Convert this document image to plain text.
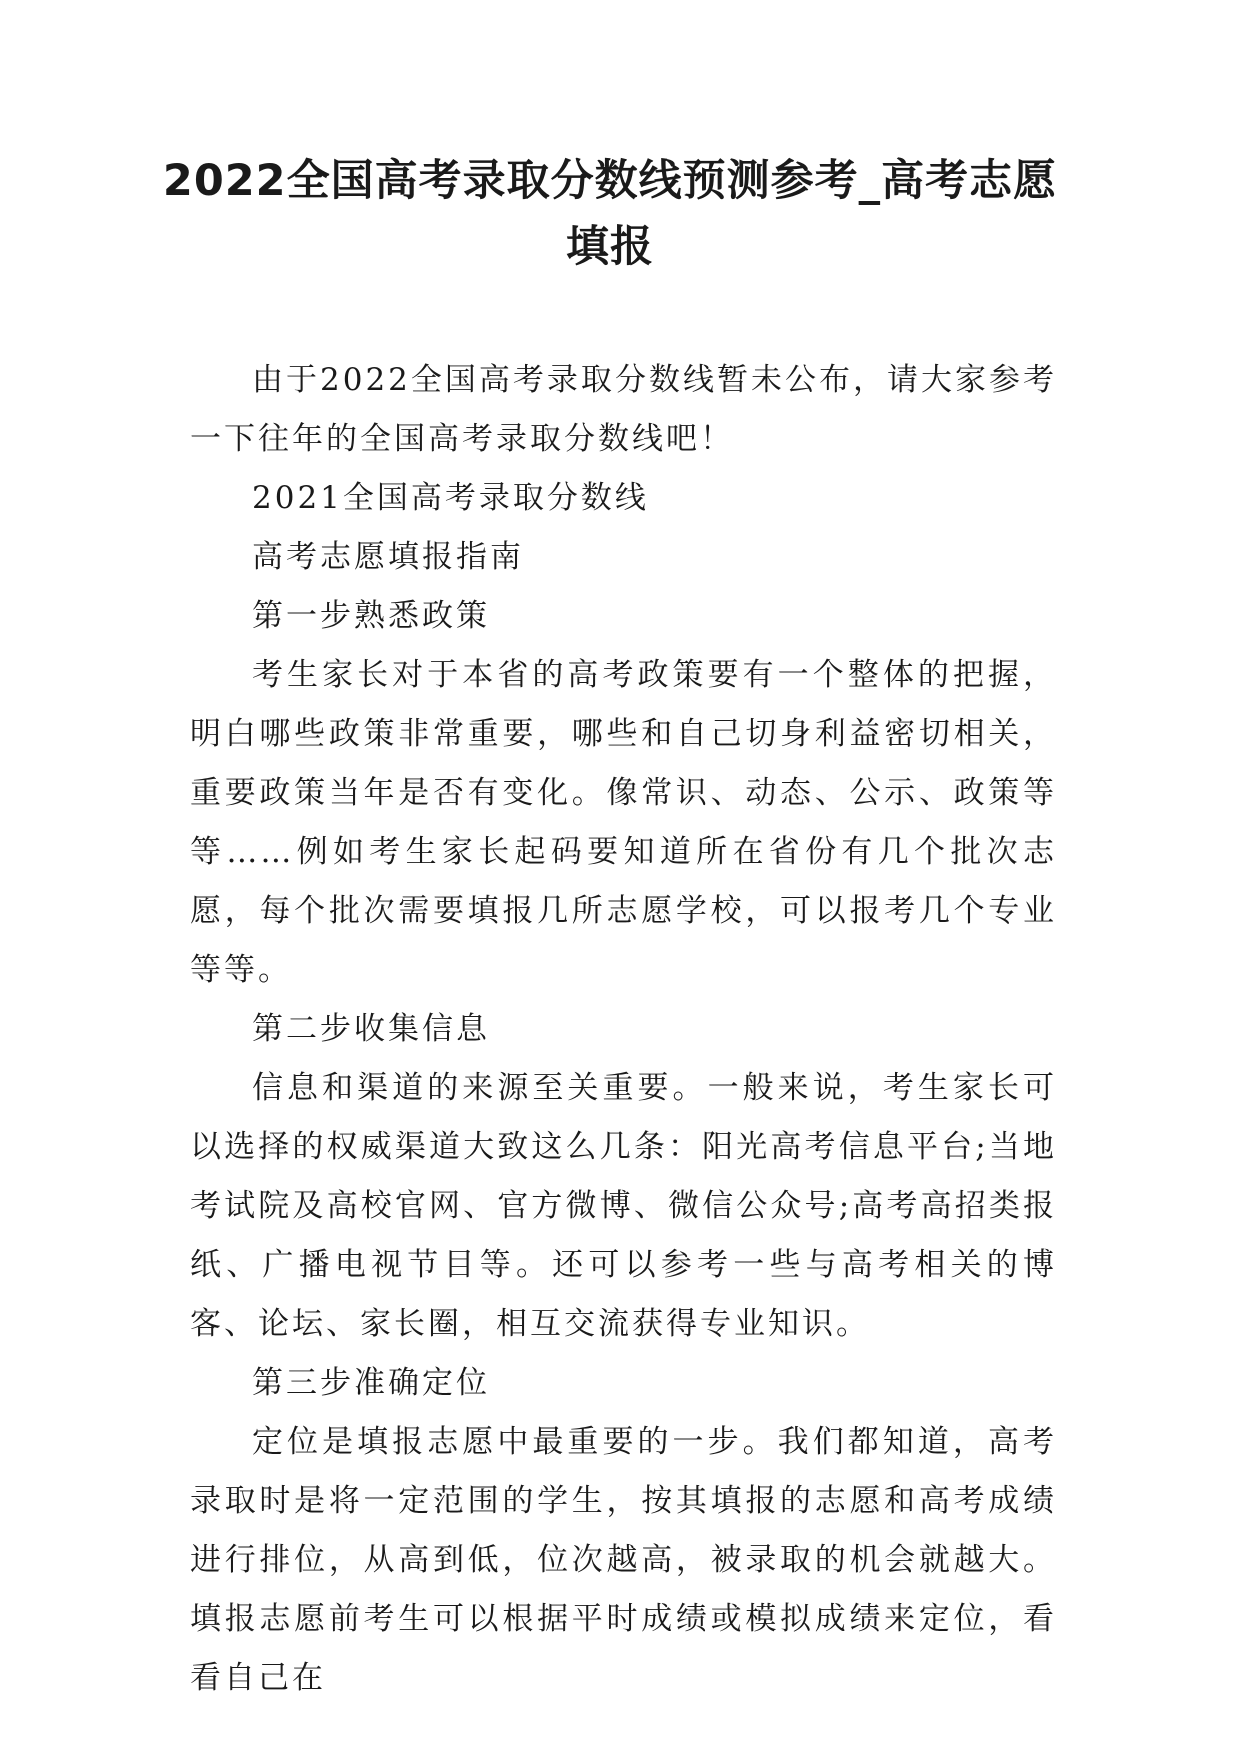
2022全国高考录取分数线预测参考_高考志愿填报

由于2022全国高考录取分数线暂未公布，请大家参考一下往年的全国高考录取分数线吧！

2021全国高考录取分数线

高考志愿填报指南

第一步熟悉政策

考生家长对于本省的高考政策要有一个整体的把握，明白哪些政策非常重要，哪些和自己切身利益密切相关，重要政策当年是否有变化。像常识、动态、公示、政策等等……例如考生家长起码要知道所在省份有几个批次志愿，每个批次需要填报几所志愿学校，可以报考几个专业等等。

第二步收集信息

信息和渠道的来源至关重要。一般来说，考生家长可以选择的权威渠道大致这么几条：阳光高考信息平台;当地考试院及高校官网、官方微博、微信公众号;高考高招类报纸、广播电视节目等。还可以参考一些与高考相关的博客、论坛、家长圈，相互交流获得专业知识。

第三步准确定位

定位是填报志愿中最重要的一步。我们都知道，高考录取时是将一定范围的学生，按其填报的志愿和高考成绩进行排位，从高到低，位次越高，被录取的机会就越大。填报志愿前考生可以根据平时成绩或模拟成绩来定位，看看自己在
